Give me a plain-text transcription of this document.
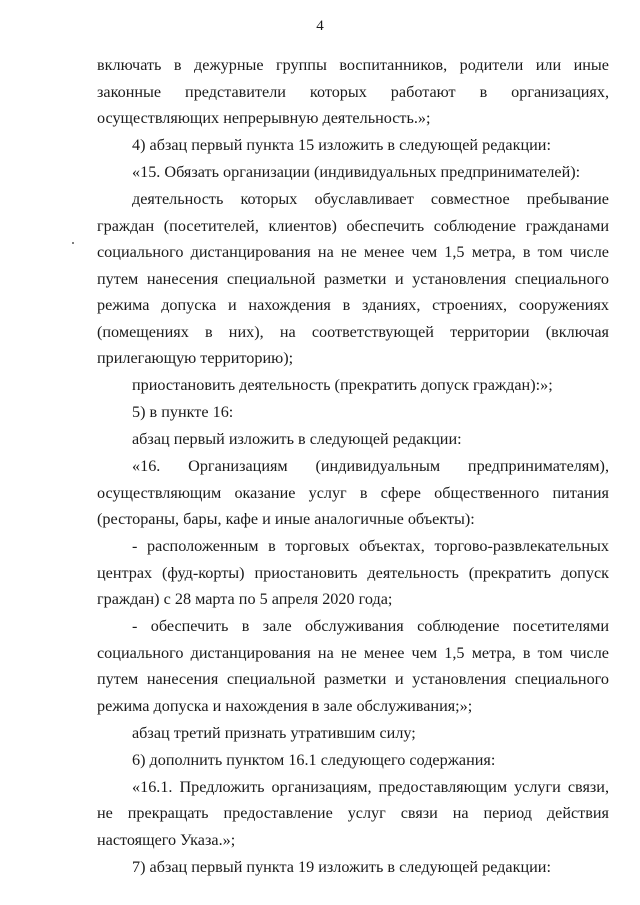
4

включать в дежурные группы воспитанников, родители или иные законные представители которых работают в организациях, осуществляющих непрерывную деятельность.»;

4) абзац первый пункта 15 изложить в следующей редакции:

«15. Обязать организации (индивидуальных предпринимателей):

деятельность которых обуславливает совместное пребывание граждан (посетителей, клиентов) обеспечить соблюдение гражданами социального дистанцирования на не менее чем 1,5 метра, в том числе путем нанесения специальной разметки и установления специального режима допуска и нахождения в зданиях, строениях, сооружениях (помещениях в них), на соответствующей территории (включая прилегающую территорию);

приостановить деятельность (прекратить допуск граждан):»;

5) в пункте 16:

абзац первый изложить в следующей редакции:

«16. Организациям (индивидуальным предпринимателям), осуществляющим оказание услуг в сфере общественного питания (рестораны, бары, кафе и иные аналогичные объекты):

- расположенным в торговых объектах, торгово-развлекательных центрах (фуд-корты) приостановить деятельность (прекратить допуск граждан) с 28 марта по 5 апреля 2020 года;

- обеспечить в зале обслуживания соблюдение посетителями социального дистанцирования на не менее чем 1,5 метра, в том числе путем нанесения специальной разметки и установления специального режима допуска и нахождения в зале обслуживания;»;

абзац третий признать утратившим силу;

6) дополнить пунктом 16.1 следующего содержания:

«16.1. Предложить организациям, предоставляющим услуги связи, не прекращать предоставление услуг связи на период действия настоящего Указа.»;

7) абзац первый пункта 19 изложить в следующей редакции:
